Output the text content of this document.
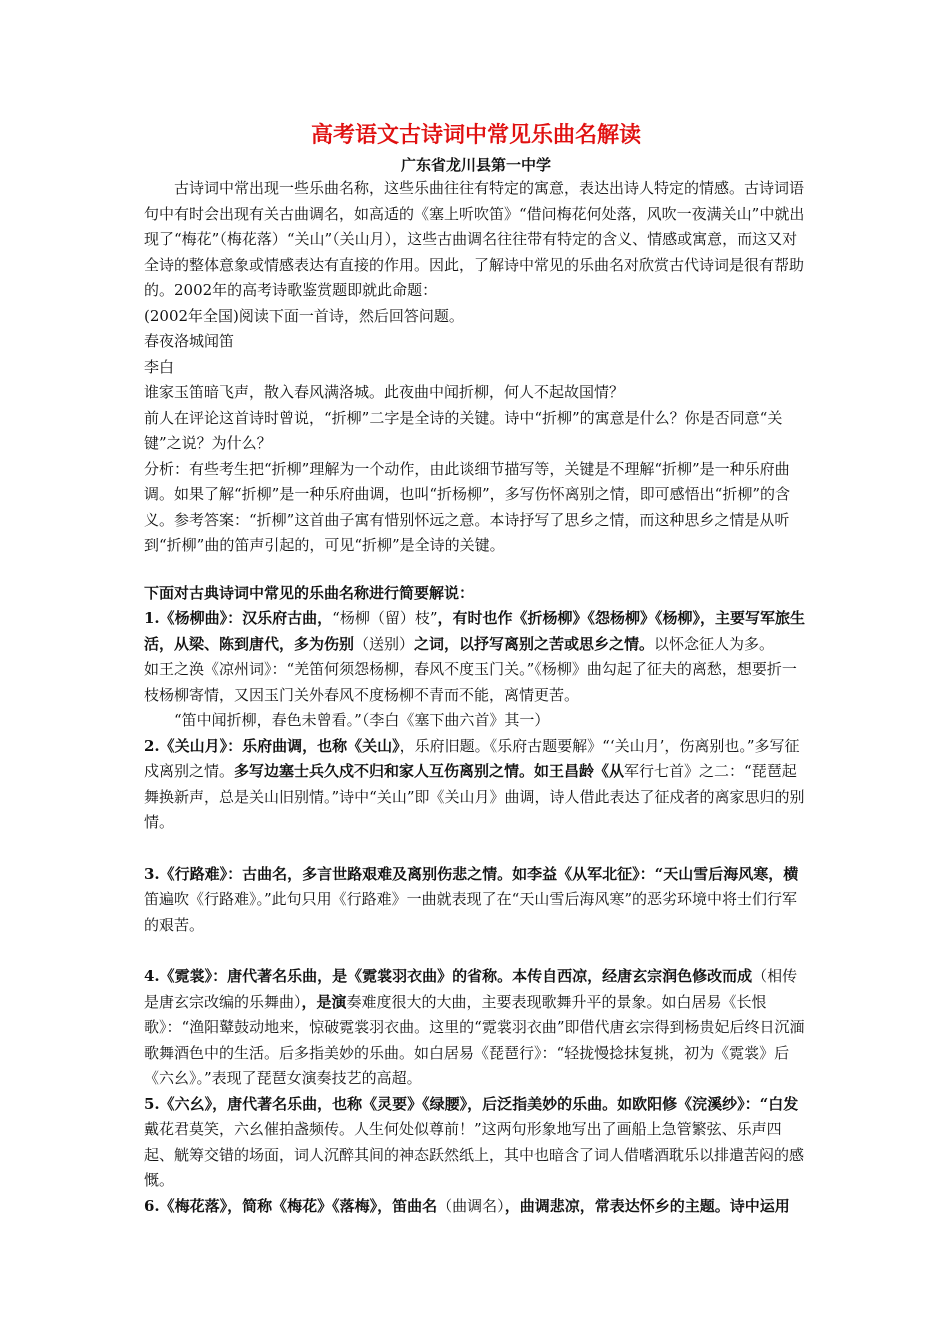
高考语文古诗词中常见乐曲名解读

广东省龙川县第一中学

古诗词中常出现一些乐曲名称，这些乐曲往往有特定的寓意，表达出诗人特定的情感。古诗词语句中有时会出现有关古曲调名，如高适的《塞上听吹笛》“借问梅花何处落，风吹一夜满关山”中就出现了“梅花”（梅花落）“关山”（关山月），这些古曲调名往往带有特定的含义、情感或寓意，而这又对全诗的整体意象或情感表达有直接的作用。因此，了解诗中常见的乐曲名对欣赏古代诗词是很有帮助的。2002年的高考诗歌鉴赏题即就此命题：

(2002年全国)阅读下面一首诗，然后回答问题。

春夜洛城闻笛

李白

谁家玉笛暗飞声，散入春风满洛城。此夜曲中闻折柳，何人不起故国情？

前人在评论这首诗时曾说，“折柳”二字是全诗的关键。诗中“折柳”的寓意是什么？你是否同意“关键”之说？为什么？

分析：有些考生把“折柳”理解为一个动作，由此谈细节描写等，关键是不理解“折柳”是一种乐府曲调。如果了解“折柳”是一种乐府曲调，也叫“折杨柳”，多写伤怀离别之情，即可感悟出“折柳”的含义。参考答案：“折柳”这首曲子寓有惜别怀远之意。本诗抒写了思乡之情，而这种思乡之情是从听到“折柳”曲的笛声引起的，可见“折柳”是全诗的关键。

下面对古典诗词中常见的乐曲名称进行简要解说：

1.《杨柳曲》：汉乐府古曲，“杨柳（留）枝”，有时也作《折杨柳》《怨杨柳》《杨柳》，主要写军旅生活，从梁、陈到唐代，多为伤别（送别）之词，以抒写离别之苦或思乡之情。以怀念征人为多。

如王之涣《凉州词》：“羌笛何须怨杨柳，春风不度玉门关。”《杨柳》曲勾起了征夫的离愁，想要折一枝杨柳寄情，又因玉门关外春风不度杨柳不青而不能，离情更苦。

“笛中闻折柳，春色未曾看。”（李白《塞下曲六首》其一）

2.《关山月》：乐府曲调，也称《关山》，乐府旧题。《乐府古题要解》“‘关山月’，伤离别也。”多写征戍离别之情。多写边塞士兵久戍不归和家人互伤离别之情。如王昌龄《从军行七首》之二：“琵琶起舞换新声，总是关山旧别情。”诗中“关山”即《关山月》曲调，诗人借此表达了征戍者的离家思归的别情。

3.《行路难》：古曲名，多言世路艰难及离别伤悲之情。如李益《从军北征》：“天山雪后海风寒，横笛遍吹《行路难》。”此句只用《行路难》一曲就表现了在“天山雪后海风寒”的恶劣环境中将士们行军的艰苦。

4.《霓裳》：唐代著名乐曲，是《霓裳羽衣曲》的省称。本传自西凉，经唐玄宗润色修改而成（相传是唐玄宗改编的乐舞曲），是演奏难度很大的大曲，主要表现歌舞升平的景象。如白居易《长恨歌》：“渔阳鼙鼓动地来，惊破霓裳羽衣曲。这里的“霓裳羽衣曲”即借代唐玄宗得到杨贵妃后终日沉湎歌舞酒色中的生活。后多指美妙的乐曲。如白居易《琵琶行》：“轻拢慢捻抹复挑，初为《霓裳》后《六幺》。”表现了琵琶女演奏技艺的高超。

5.《六幺》，唐代著名乐曲，也称《灵要》《绿腰》，后泛指美妙的乐曲。如欧阳修《浣溪纱》：“白发戴花君莫笑，六幺催拍盏频传。人生何处似尊前！”这两句形象地写出了画船上急管繁弦、乐声四起、觥筹交错的场面，词人沉醉其间的神态跃然纸上，其中也暗含了词人借嗜酒耽乐以排遣苦闷的感慨。

6.《梅花落》，简称《梅花》《落梅》，笛曲名（曲调名），曲调悲凉，常表达怀乡的主题。诗中运用
